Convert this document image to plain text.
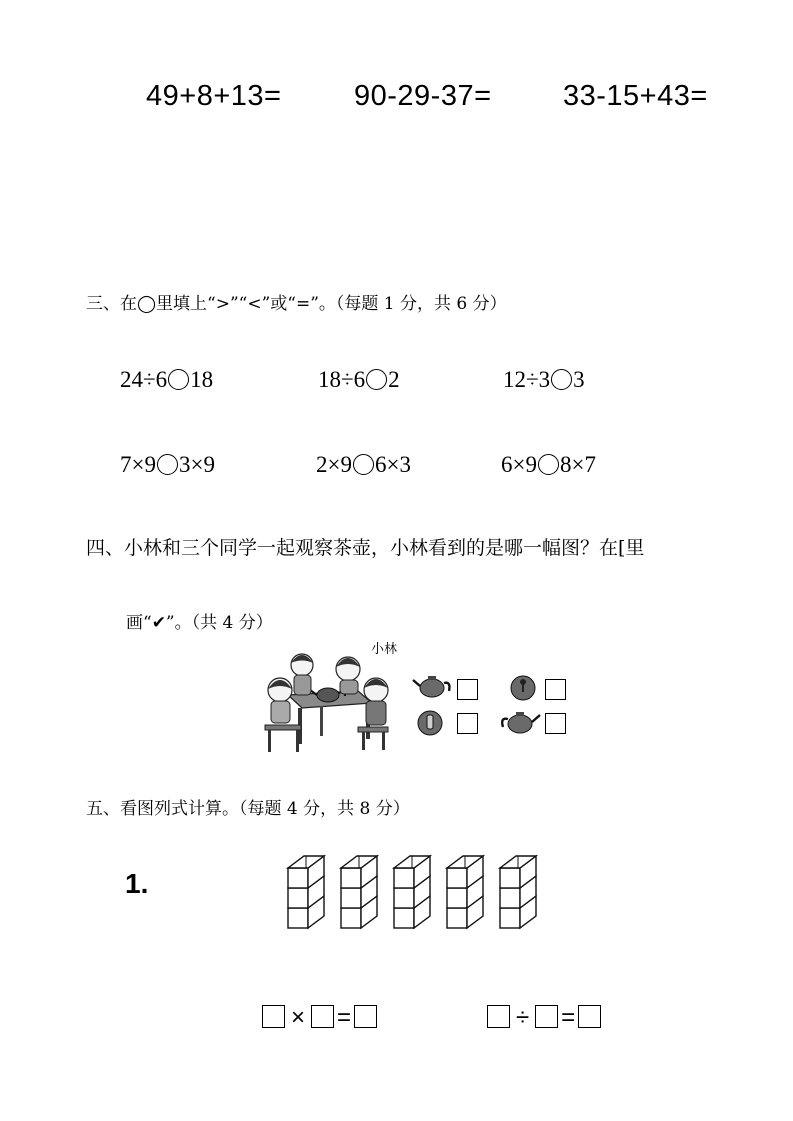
49+8+13=	90-29-37= 33-15+43=
三、在◯里填上“>”“<”或“=”。（每题 1 分，共 6 分）
24÷6 18	18÷6 2	12÷3 3
7×9 3×9	2×9 6×3	6×9 8×7
四、小林和三个同学一起观察茶壶，小林看到的是哪一幅图？在[里
画“✔”。（共 4 分）
小林
五、看图列式计算。（每题 4 分，共 8 分）
1.
× =	÷ =
